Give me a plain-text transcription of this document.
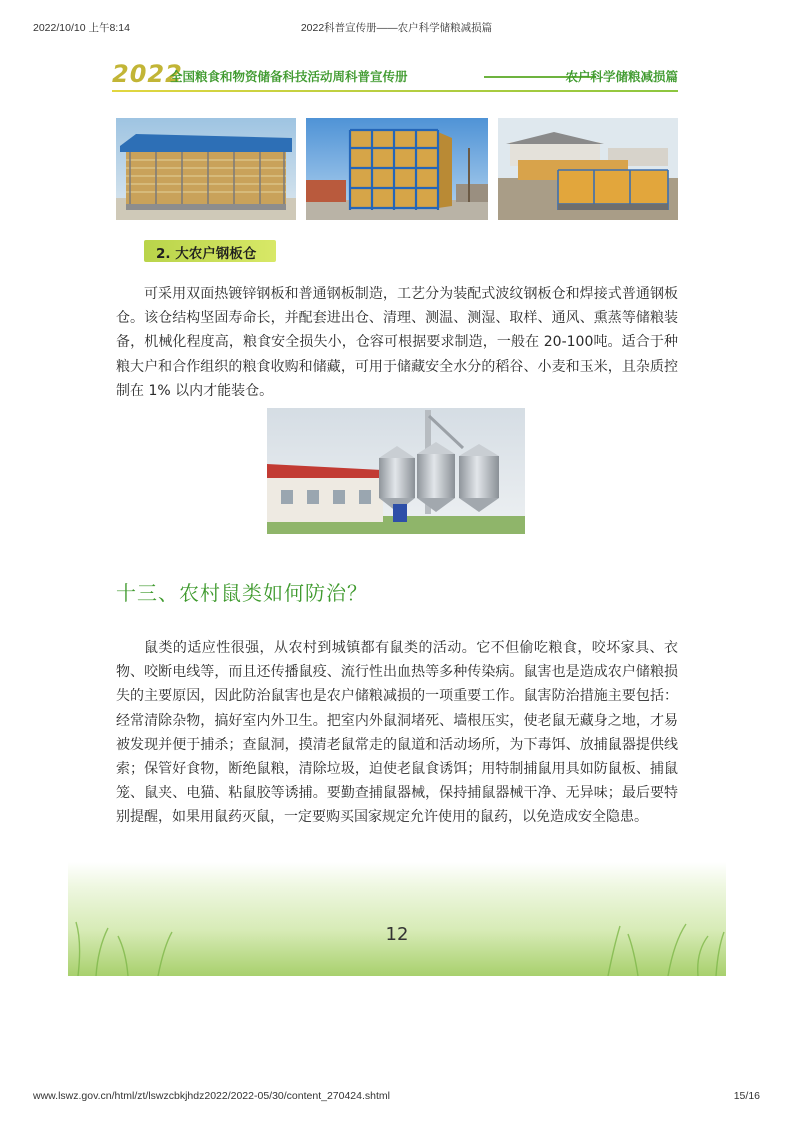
2022/10/10 上午8:14	2022科普宣传册——农户科学储粮减损篇
2022
全国粮食和物资储备科技活动周科普宣传册	农户科学储粮减损篇
2. 大农户钢板仓

可采用双面热镀锌钢板和普通钢板制造，工艺分为装配式波纹钢板仓和焊接式普通钢板仓。该仓结构坚固寿命长，并配套进出仓、清理、测温、测湿、取样、通风、熏蒸等储粮装备，机械化程度高，粮食安全损失小，仓容可根据要求制造，一般在 20-100吨。适合于种粮大户和合作组织的粮食收购和储藏，可用于储藏安全水分的稻谷、小麦和玉米，且杂质控制在 1% 以内才能装仓。

十三、农村鼠类如何防治？

鼠类的适应性很强，从农村到城镇都有鼠类的活动。它不但偷吃粮食，咬坏家具、衣物、咬断电线等，而且还传播鼠疫、流行性出血热等多种传染病。鼠害也是造成农户储粮损失的主要原因，因此防治鼠害也是农户储粮减损的一项重要工作。鼠害防治措施主要包括：经常清除杂物，搞好室内外卫生。把室内外鼠洞堵死、墙根压实，使老鼠无藏身之地，才易被发现并便于捕杀；查鼠洞，摸清老鼠常走的鼠道和活动场所，为下毒饵、放捕鼠器提供线索；保管好食物，断绝鼠粮，清除垃圾，迫使老鼠食诱饵；用特制捕鼠用具如防鼠板、捕鼠笼、鼠夹、电猫、粘鼠胶等诱捕。要勤查捕鼠器械，保持捕鼠器械干净、无异味；最后要特别提醒，如果用鼠药灭鼠，一定要购买国家规定允许使用的鼠药，以免造成安全隐患。

12
www.lswz.gov.cn/html/zt/lswzcbkjhdz2022/2022-05/30/content_270424.shtml	15/16
